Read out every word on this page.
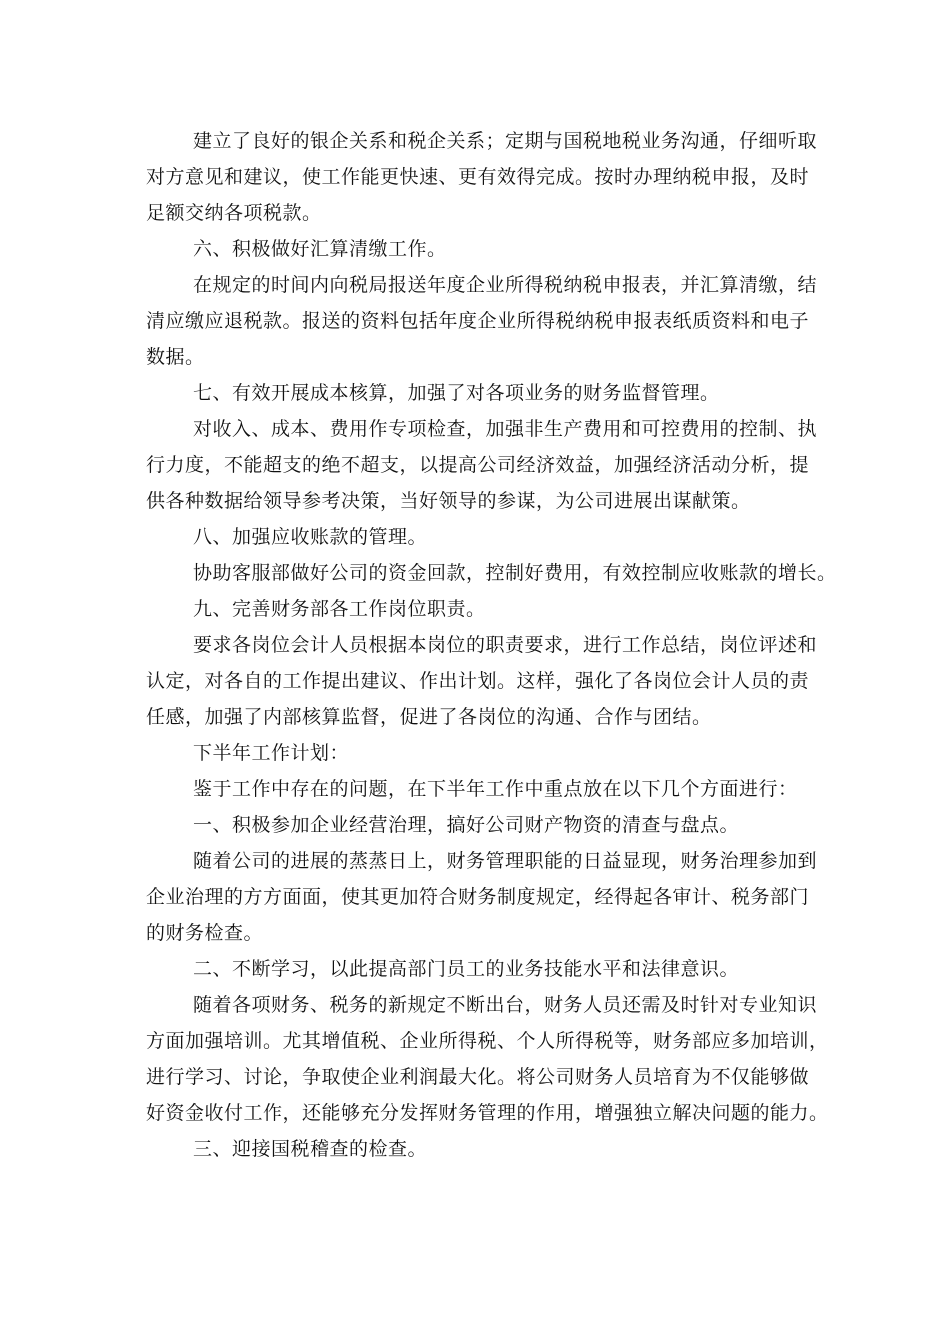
建立了良好的银企关系和税企关系；定期与国税地税业务沟通，仔细听取
对方意见和建议，使工作能更快速、更有效得完成。按时办理纳税申报，及时
足额交纳各项税款。
六、积极做好汇算清缴工作。
在规定的时间内向税局报送年度企业所得税纳税申报表，并汇算清缴，结
清应缴应退税款。报送的资料包括年度企业所得税纳税申报表纸质资料和电子
数据。
七、有效开展成本核算，加强了对各项业务的财务监督管理。
对收入、成本、费用作专项检查，加强非生产费用和可控费用的控制、执
行力度，不能超支的绝不超支，以提高公司经济效益，加强经济活动分析，提
供各种数据给领导参考决策，当好领导的参谋，为公司进展出谋献策。
八、加强应收账款的管理。
协助客服部做好公司的资金回款，控制好费用，有效控制应收账款的增长。
九、完善财务部各工作岗位职责。
要求各岗位会计人员根据本岗位的职责要求，进行工作总结，岗位评述和
认定，对各自的工作提出建议、作出计划。这样，强化了各岗位会计人员的责
任感，加强了内部核算监督，促进了各岗位的沟通、合作与团结。
下半年工作计划：
鉴于工作中存在的问题，在下半年工作中重点放在以下几个方面进行：
一、积极参加企业经营治理，搞好公司财产物资的清查与盘点。
随着公司的进展的蒸蒸日上，财务管理职能的日益显现，财务治理参加到
企业治理的方方面面，使其更加符合财务制度规定，经得起各审计、税务部门
的财务检查。
二、不断学习，以此提高部门员工的业务技能水平和法律意识。
随着各项财务、税务的新规定不断出台，财务人员还需及时针对专业知识
方面加强培训。尤其增值税、企业所得税、个人所得税等，财务部应多加培训，
进行学习、讨论，争取使企业利润最大化。将公司财务人员培育为不仅能够做
好资金收付工作，还能够充分发挥财务管理的作用，增强独立解决问题的能力。
三、迎接国税稽查的检查。
